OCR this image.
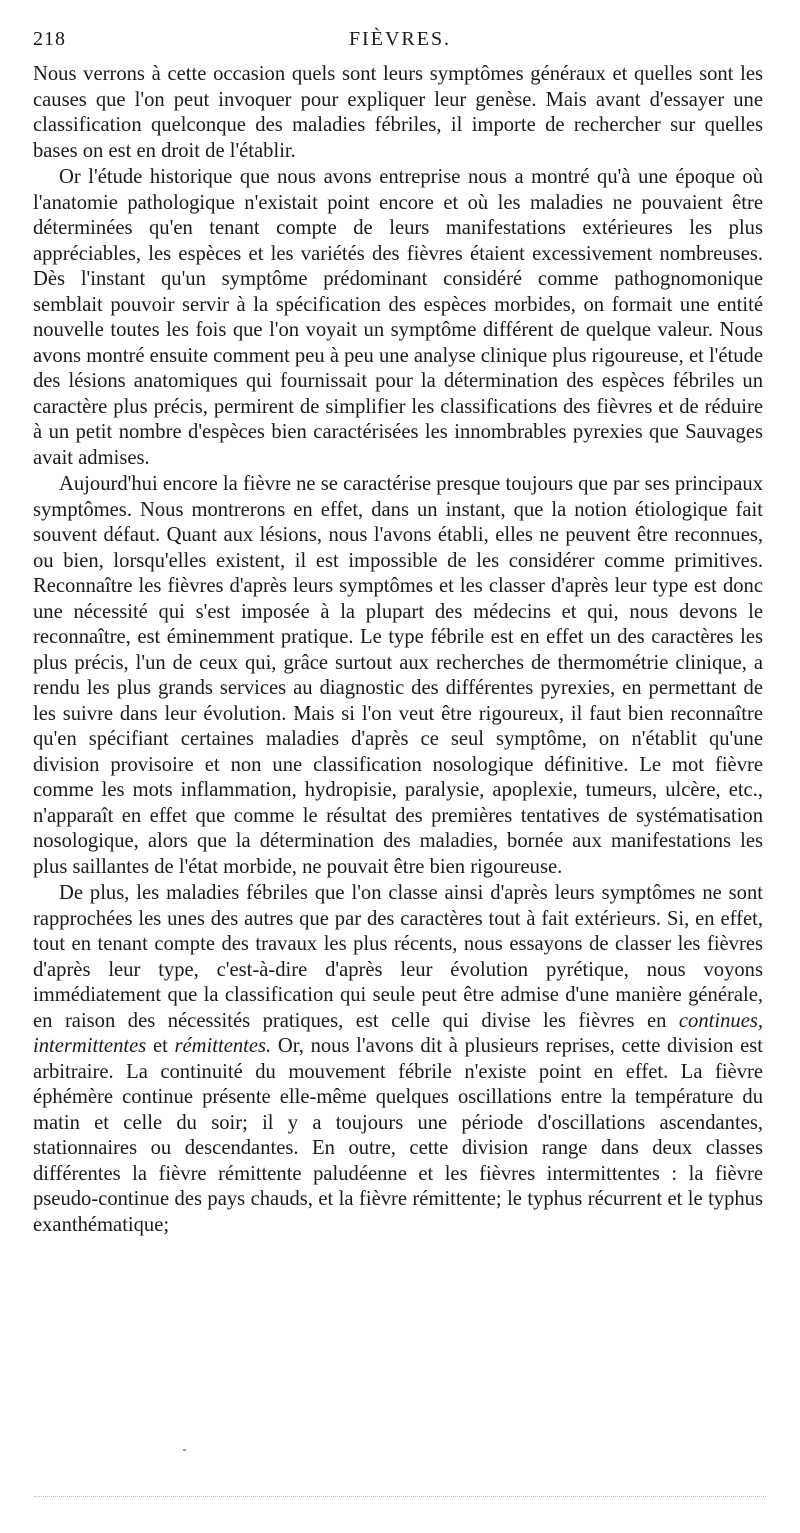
218	FIÈVRES.

Nous verrons à cette occasion quels sont leurs symptômes généraux et quelles sont les causes que l'on peut invoquer pour expliquer leur genèse. Mais avant d'essayer une classification quelconque des maladies fébriles, il importe de rechercher sur quelles bases on est en droit de l'établir.

Or l'étude historique que nous avons entreprise nous a montré qu'à une époque où l'anatomie pathologique n'existait point encore et où les maladies ne pouvaient être déterminées qu'en tenant compte de leurs manifestations extérieures les plus appréciables, les espèces et les variétés des fièvres étaient excessivement nombreuses. Dès l'instant qu'un symptôme prédominant considéré comme pathognomonique semblait pouvoir servir à la spécification des espèces morbides, on formait une entité nouvelle toutes les fois que l'on voyait un symptôme différent de quelque valeur. Nous avons montré ensuite comment peu à peu une analyse clinique plus rigoureuse, et l'étude des lésions anatomiques qui fournissait pour la détermination des espèces fébriles un caractère plus précis, permirent de simplifier les classifications des fièvres et de réduire à un petit nombre d'espèces bien caractérisées les innombrables pyrexies que Sauvages avait admises.

Aujourd'hui encore la fièvre ne se caractérise presque toujours que par ses principaux symptômes. Nous montrerons en effet, dans un instant, que la notion étiologique fait souvent défaut. Quant aux lésions, nous l'avons établi, elles ne peuvent être reconnues, ou bien, lorsqu'elles existent, il est impossible de les considérer comme primitives. Reconnaître les fièvres d'après leurs symptômes et les classer d'après leur type est donc une nécessité qui s'est imposée à la plupart des médecins et qui, nous devons le reconnaître, est éminemment pratique. Le type fébrile est en effet un des caractères les plus précis, l'un de ceux qui, grâce surtout aux recherches de thermométrie clinique, a rendu les plus grands services au diagnostic des différentes pyrexies, en permettant de les suivre dans leur évolution. Mais si l'on veut être rigoureux, il faut bien reconnaître qu'en spécifiant certaines maladies d'après ce seul symptôme, on n'établit qu'une division provisoire et non une classification nosologique définitive. Le mot fièvre comme les mots inflammation, hydropisie, paralysie, apoplexie, tumeurs, ulcère, etc., n'apparaît en effet que comme le résultat des premières tentatives de systématisation nosologique, alors que la détermination des maladies, bornée aux manifestations les plus saillantes de l'état morbide, ne pouvait être bien rigoureuse.

De plus, les maladies fébriles que l'on classe ainsi d'après leurs symptômes ne sont rapprochées les unes des autres que par des caractères tout à fait extérieurs. Si, en effet, tout en tenant compte des travaux les plus récents, nous essayons de classer les fièvres d'après leur type, c'est-à-dire d'après leur évolution pyrétique, nous voyons immédiatement que la classification qui seule peut être admise d'une manière générale, en raison des nécessités pratiques, est celle qui divise les fièvres en continues, intermittentes et rémittentes. Or, nous l'avons dit à plusieurs reprises, cette division est arbitraire. La continuité du mouvement fébrile n'existe point en effet. La fièvre éphémère continue présente elle-même quelques oscillations entre la température du matin et celle du soir; il y a toujours une période d'oscillations ascendantes, stationnaires ou descendantes. En outre, cette division range dans deux classes différentes la fièvre rémittente paludéenne et les fièvres intermittentes : la fièvre pseudo-continue des pays chauds, et la fièvre rémittente; le typhus récurrent et le typhus exanthématique;
